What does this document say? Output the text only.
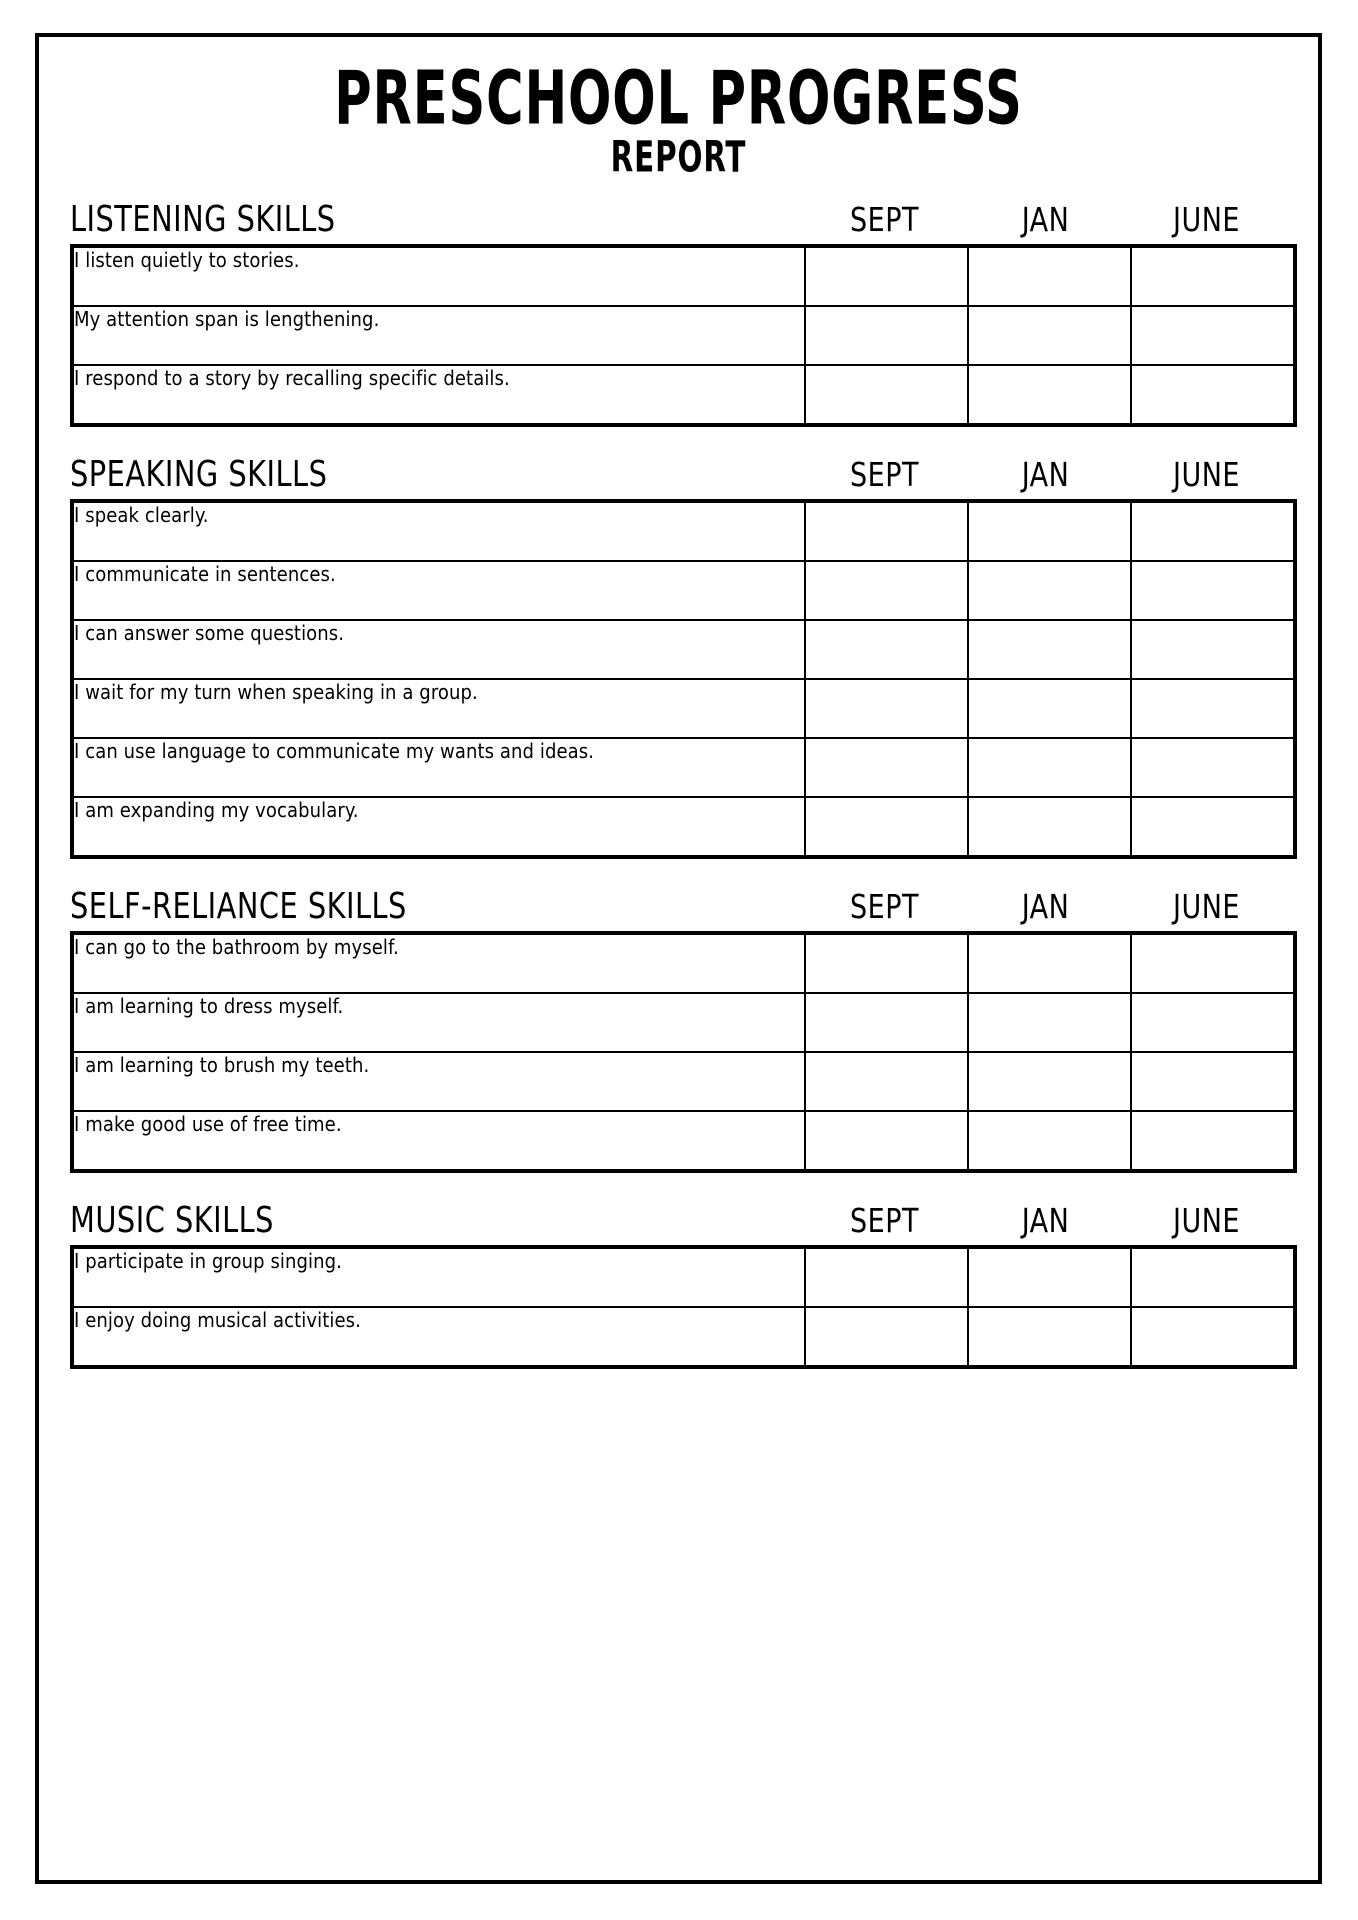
PRESCHOOL PROGRESS
REPORT
LISTENING SKILLS	SEPT	JAN	JUNE
I listen quietly to stories.			
My attention span is lengthening.			
I respond to a story by recalling specific details.			
SPEAKING SKILLS	SEPT	JAN	JUNE
I speak clearly.			
I communicate in sentences.			
I can answer some questions.			
I wait for my turn when speaking in a group.			
I can use language to communicate my wants and ideas.			
I am expanding my vocabulary.			
SELF-RELIANCE SKILLS	SEPT	JAN	JUNE
I can go to the bathroom by myself.			
I am learning to dress myself.			
I am learning to brush my teeth.			
I make good use of free time.			
MUSIC SKILLS	SEPT	JAN	JUNE
I participate in group singing.			
I enjoy doing musical activities.			
